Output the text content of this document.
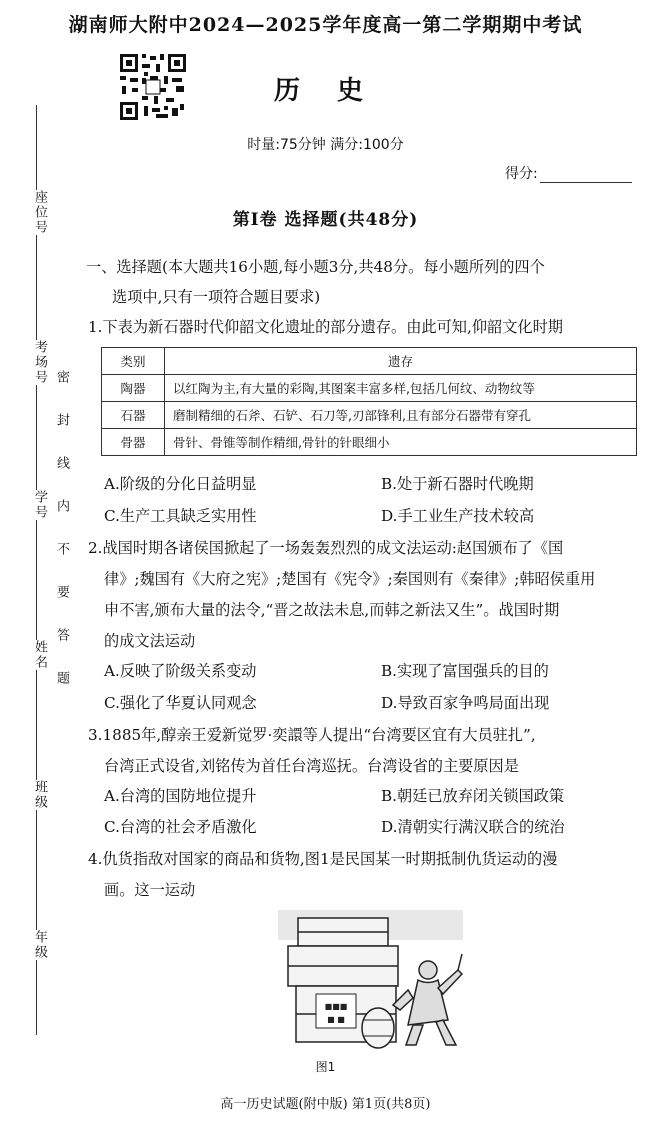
湖南师大附中2024—2025学年度高一第二学期期中考试
历 史
时量:75分钟 满分:100分
得分:
座位号
考场号
学号
姓名
班级
年级
密封线内不要答题
第Ⅰ卷 选择题(共48分)
一、选择题(本大题共16小题,每小题3分,共48分。每小题所列的四个
选项中,只有一项符合题目要求)
1.下表为新石器时代仰韶文化遗址的部分遗存。由此可知,仰韶文化时期
类别	遗存
陶器	以红陶为主,有大量的彩陶,其图案丰富多样,包括几何纹、动物纹等
石器	磨制精细的石斧、石铲、石刀等,刃部锋利,且有部分石器带有穿孔
骨器	骨针、骨锥等制作精细,骨针的针眼细小
A.阶级的分化日益明显	B.处于新石器时代晚期
C.生产工具缺乏实用性	D.手工业生产技术较高
2.战国时期各诸侯国掀起了一场轰轰烈烈的成文法运动:赵国颁布了《国
律》;魏国有《大府之宪》;楚国有《宪令》;秦国则有《秦律》;韩昭侯重用
申不害,颁布大量的法令,“晋之故法未息,而韩之新法又生”。战国时期
的成文法运动
A.反映了阶级关系变动	B.实现了富国强兵的目的
C.强化了华夏认同观念	D.导致百家争鸣局面出现
3.1885年,醇亲王爱新觉罗·奕譞等人提出“台湾要区宜有大员驻扎”,
台湾正式设省,刘铭传为首任台湾巡抚。台湾设省的主要原因是
A.台湾的国防地位提升	B.朝廷已放弃闭关锁国政策
C.台湾的社会矛盾激化	D.清朝实行满汉联合的统治
4.仇货指敌对国家的商品和货物,图1是民国某一时期抵制仇货运动的漫
画。这一运动
■■■
■ ■
图1
高一历史试题(附中版) 第1页(共8页)
